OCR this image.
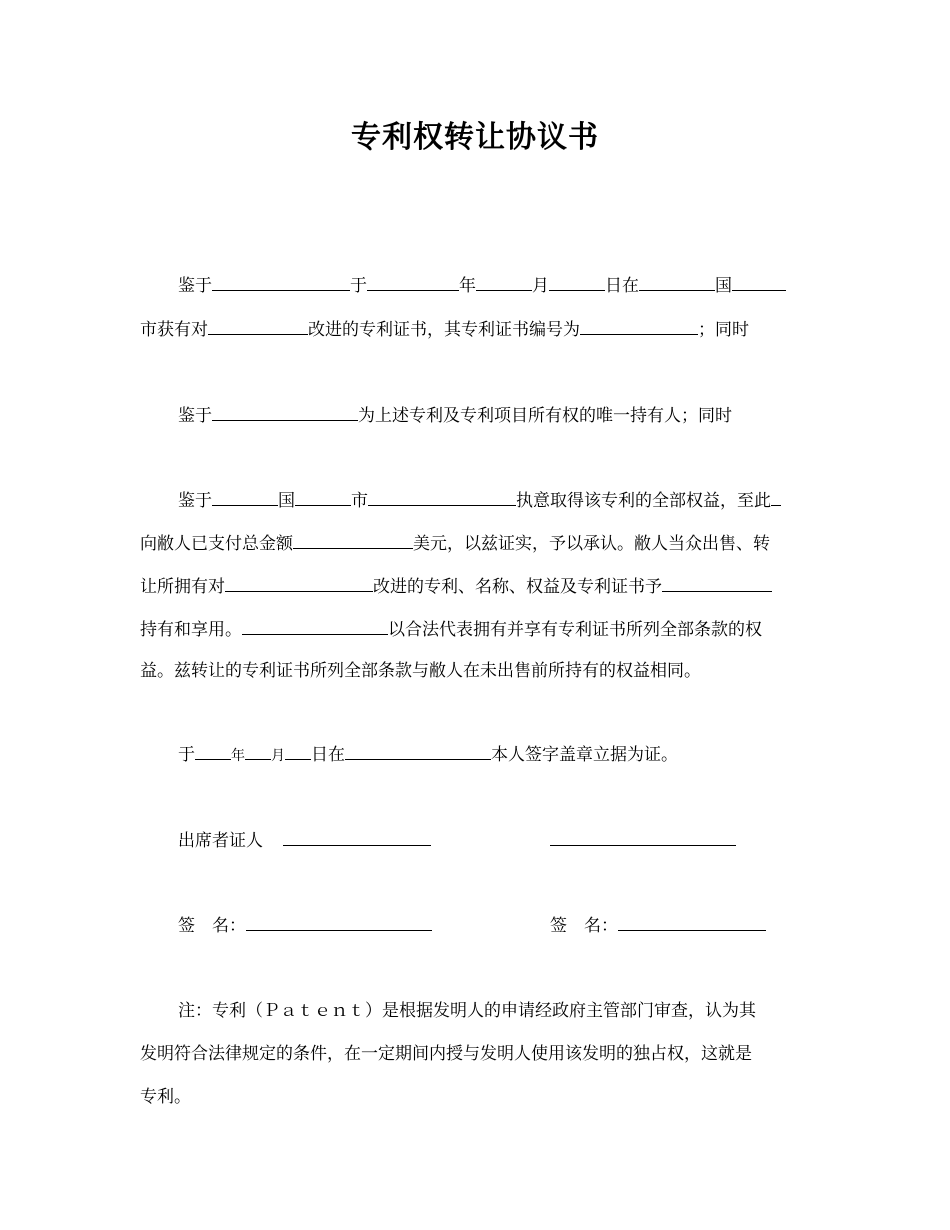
专利权转让协议书
鉴于	于	年	月	日在	国
市获有对	改进的专利证书，其专利证书编号为	；同时
鉴于	为上述专利及专利项目所有权的唯一持有人；同时
鉴于	国	市	执意取得该专利的全部权益，至此
向敝人已支付总金额	美元，以兹证实，予以承认。敝人当众出售、转
让所拥有对	改进的专利、名称、权益及专利证书予
持有和享用。	以合法代表拥有并享有专利证书所列全部条款的权
益。兹转让的专利证书所列全部条款与敝人在未出售前所持有的权益相同。
于	年 月 日在	本人签字盖章立据为证。
出席者证人
签　名：	签　名：
注：专利（Ｐａｔｅｎｔ）是根据发明人的申请经政府主管部门审查，认为其
发明符合法律规定的条件，在一定期间内授与发明人使用该发明的独占权，这就是
专利。
